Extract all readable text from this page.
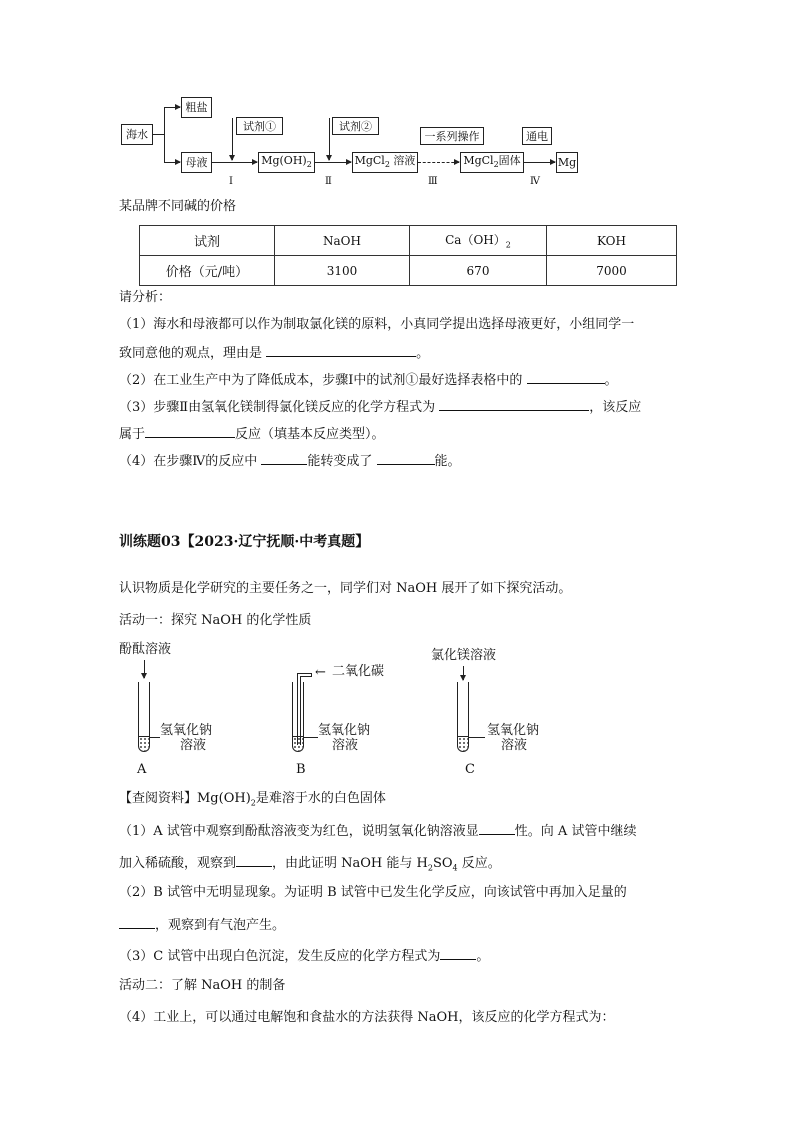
海水
粗盐
母液
试剂①
Ⅰ
$Mg(OH)_2$
试剂②
Ⅱ
MgCl$_2$ 溶液
一系列操作
Ⅲ
MgCl$_2$固体
通电
Ⅳ
Mg
某品牌不同碱的价格
试剂	NaOH	$Ca(OH)_2$	KOH
价格（元/吨）	3100	670	7000
请分析：
（1）海水和母液都可以作为制取氯化镁的原料，小真同学提出选择母液更好，小组同学一
致同意他的观点，理由是	。
（2）在工业生产中为了降低成本，步骤Ⅰ中的试剂①最好选择表格中的	。
（3）步骤Ⅱ由氢氧化镁制得氯化镁反应的化学方程式为	，该反应
属于	反应（填基本反应类型）。
（4）在步骤Ⅳ的反应中	能转变成了	能。
训练题03【2023·辽宁抚顺·中考真题】
认识物质是化学研究的主要任务之一，同学们对 NaOH 展开了如下探究活动。
活动一：探究 NaOH 的化学性质
酚酞溶液
氢氧化钠
溶液
A
← 二氧化碳
氢氧化钠
溶液
B
氯化镁溶液
氢氧化钠
溶液
C
【查阅资料】$Mg(OH)_2$是难溶于水的白色固体
（1）A 试管中观察到酚酞溶液变为红色，说明氢氧化钠溶液显	性。向 A 试管中继续
加入稀硫酸，观察到	，由此证明 NaOH 能与 $H_2SO_4$ 反应。
（2）B 试管中无明显现象。为证明 B 试管中已发生化学反应，向该试管中再加入足量的
，观察到有气泡产生。
（3）C 试管中出现白色沉淀，发生反应的化学方程式为	。
活动二：了解 NaOH 的制备
（4）工业上，可以通过电解饱和食盐水的方法获得 NaOH，该反应的化学方程式为：
